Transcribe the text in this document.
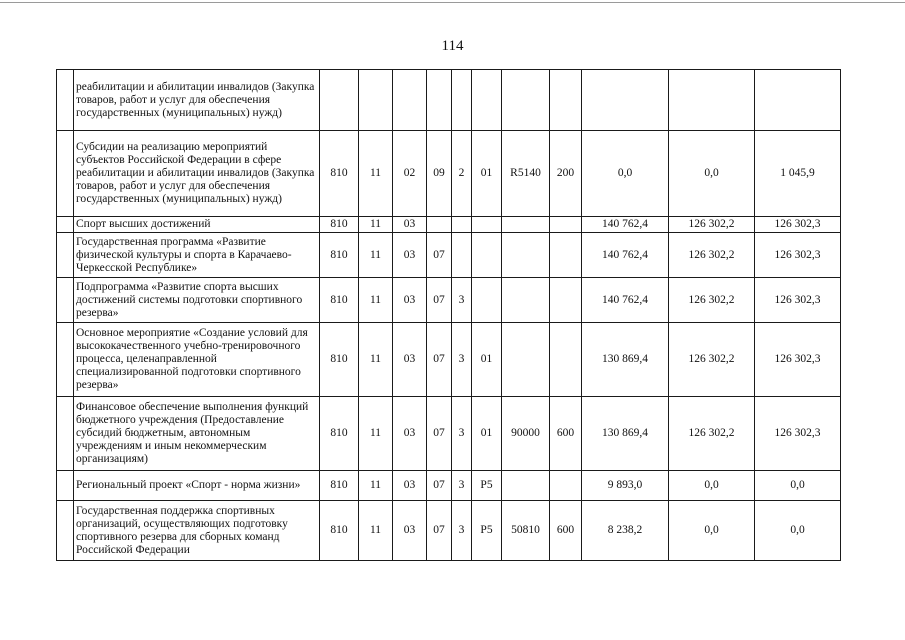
114
	реабилитации и абилитации инвалидов (Закупка товаров, работ и услуг для обеспечения государственных (муниципальных) нужд)											
	Субсидии на реализацию мероприятий субъектов Российской Федерации в сфере реабилитации и абилитации инвалидов (Закупка товаров, работ и услуг для обеспечения государственных (муниципальных) нужд)	810	11	02	09	2	01	R5140	200	0,0	0,0	1 045,9
	Спорт высших достижений	810	11	03						140 762,4	126 302,2	126 302,3
	Государственная программа «Развитие физической культуры и спорта в Карачаево-Черкесской Республике»	810	11	03	07					140 762,4	126 302,2	126 302,3
	Подпрограмма «Развитие спорта высших достижений системы подготовки спортивного резерва»	810	11	03	07	3				140 762,4	126 302,2	126 302,3
	Основное мероприятие «Создание условий для высококачественного учебно-тренировочного процесса, целенаправленной специализированной подготовки спортивного резерва»	810	11	03	07	3	01			130 869,4	126 302,2	126 302,3
	Финансовое обеспечение выполнения функций бюджетного учреждения (Предоставление субсидий бюджетным, автономным учреждениям и иным некоммерческим организациям)	810	11	03	07	3	01	90000	600	130 869,4	126 302,2	126 302,3
	Региональный проект «Спорт - норма жизни»	810	11	03	07	3	P5			9 893,0	0,0	0,0
	Государственная поддержка спортивных организаций, осуществляющих подготовку спортивного резерва для сборных команд Российской Федерации	810	11	03	07	3	P5	50810	600	8 238,2	0,0	0,0
